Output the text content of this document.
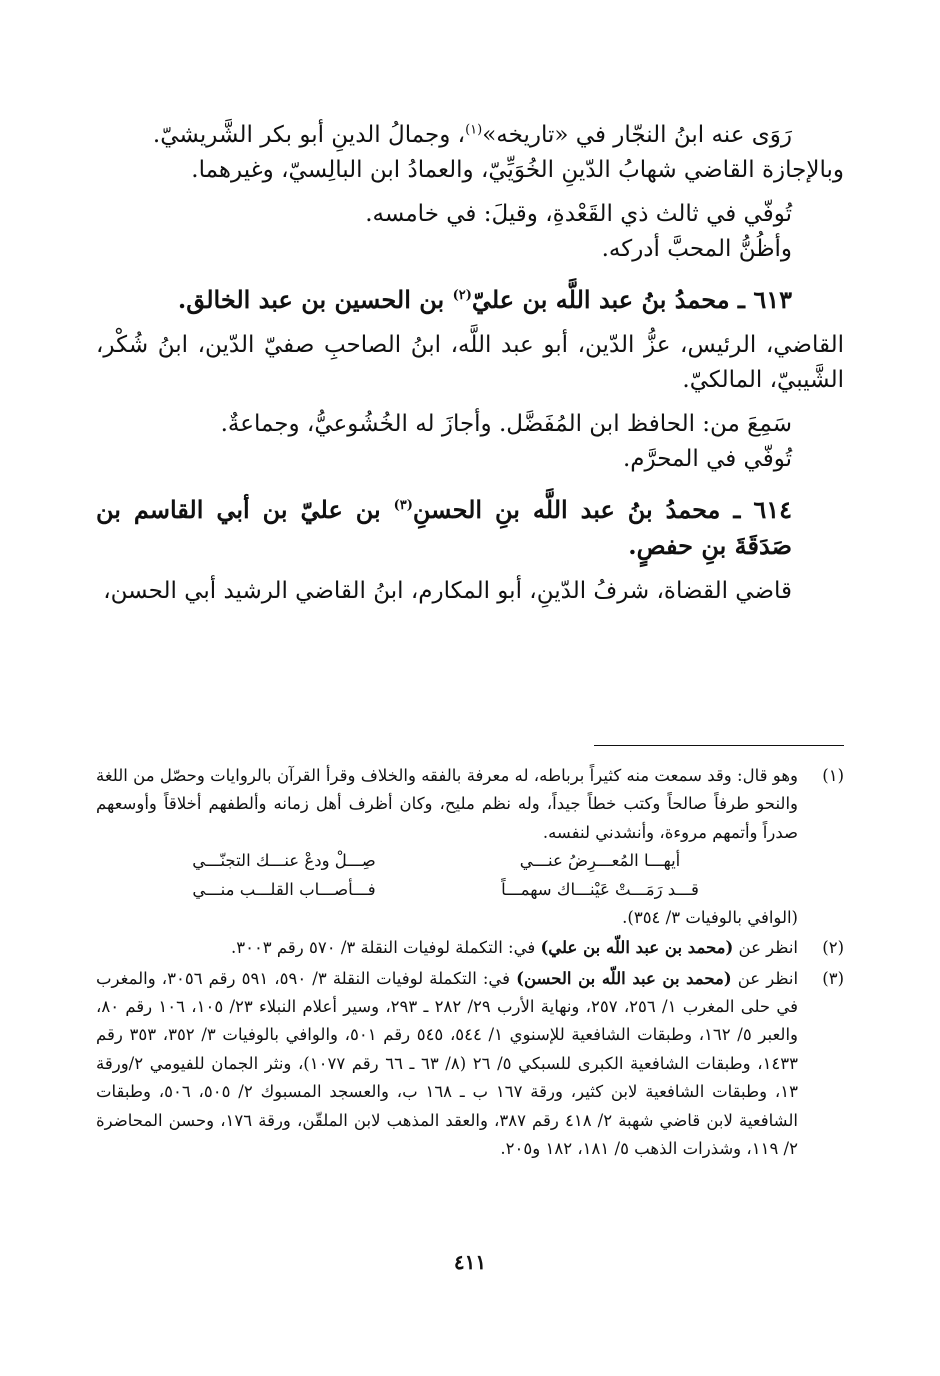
رَوَى عنه ابنُ النجّار في «تاريخه»$^{(١)}$، وجمالُ الدينِ أبو بكر الشَّريشيّ.

وبالإجازة القاضي شهابُ الدّينِ الخُوَيِّيّ، والعمادُ ابن البالِسيّ، وغيرهما.

تُوفّي في ثالث ذي القَعْدةِ، وقيلَ: في خامسه.

وأظُنُّ المحبَّ أدركه.

٦١٣ ـ محمدُ بنُ عبد اللَّه بن عليّ$^{(٢)}$ بن الحسين بن عبد الخالق.

القاضي، الرئيس، عزُّ الدّين، أبو عبد اللَّه، ابنُ الصاحبِ صفيّ الدّين، ابنُ شُكْر، الشَّيبيّ، المالكيّ.

سَمِعَ من: الحافظ ابن المُفَضَّل. وأجازَ له الخُشُوعيُّ، وجماعةٌ.

تُوفّي في المحرَّم.

٦١٤ ـ محمدُ بنُ عبد اللَّه بنِ الحسنِ$^{(٣)}$ بن عليّ بن أبي القاسم بن صَدَقَةَ بنِ حفصٍ.

قاضي القضاة، شرفُ الدّينِ، أبو المكارم، ابنُ القاضي الرشيد أبي الحسن،

(١)
وهو قال: وقد سمعت منه كثيراً برباطه، له معرفة بالفقه والخلاف وقرأ القرآن بالروايات وحصّل من اللغة والنحو طرفاً صالحاً وكتب خطاً جيداً، وله نظم مليح، وكان أظرف أهل زمانه وألطفهم أخلاقاً وأوسعهم صدراً وأتمهم مروءة، وأنشدني لنفسه.
أيهـــا المُعـــرِضُ عنـــي
صِـــلْ ودعْ عنـــك التجنّـــي
قـــد رَمَـــتْ عَيْنـــاك سهمـــاً
فـــأصـــاب القلـــب منـــي
(الوافي بالوفيات ٣/ ٣٥٤).
(٢)
انظر عن (محمد بن عبد اللّه بن علي) في: التكملة لوفيات النقلة ٣/ ٥٧٠ رقم ٣٠٠٣.
(٣)
انظر عن (محمد بن عبد اللّه بن الحسن) في: التكملة لوفيات النقلة ٣/ ٥٩٠، ٥٩١ رقم ٣٠٥٦، والمغرب في حلى المغرب ١/ ٢٥٦، ٢٥٧، ونهاية الأرب ٢٩/ ٢٨٢ ـ ٢٩٣، وسير أعلام النبلاء ٢٣/ ١٠٥، ١٠٦ رقم ٨٠، والعبر ٥/ ١٦٢، وطبقات الشافعية للإسنوي ١/ ٥٤٤، ٥٤٥ رقم ٥٠١، والوافي بالوفيات ٣/ ٣٥٢، ٣٥٣ رقم ١٤٣٣، وطبقات الشافعية الكبرى للسبكي ٥/ ٢٦ (٨/ ٦٣ ـ ٦٦ رقم ١٠٧٧)، ونثر الجمان للفيومي ٢/ورقة ١٣، وطبقات الشافعية لابن كثير، ورقة ١٦٧ ب ـ ١٦٨ ب، والعسجد المسبوك ٢/ ٥٠٥، ٥٠٦، وطبقات الشافعية لابن قاضي شهبة ٢/ ٤١٨ رقم ٣٨٧، والعقد المذهب لابن الملقّن، ورقة ١٧٦، وحسن المحاضرة ٢/ ١١٩، وشذرات الذهب ٥/ ١٨١، ١٨٢ و٢٠٥.
٤١١
